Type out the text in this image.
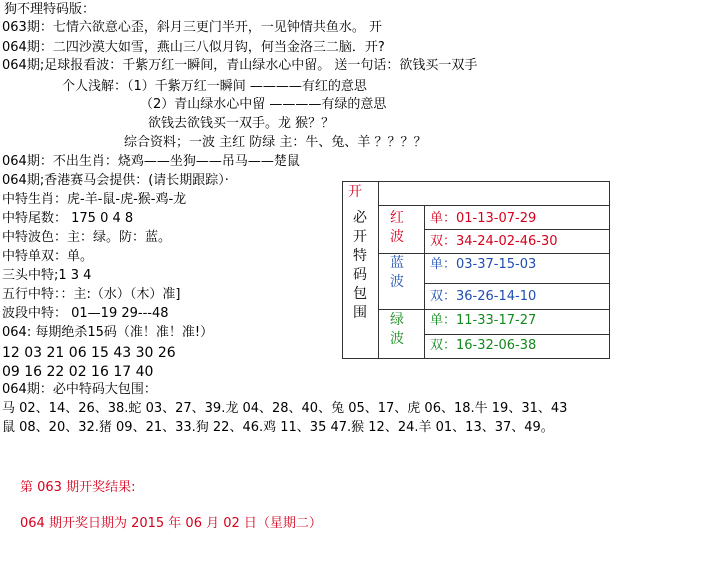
狗不理特码版：
063期：七情六欲意心歪，斜月三更门半开，一见钟情共鱼水。 开
064期：二四沙漠大如雪，燕山三八似月钩，何当金洛三二脑．开?
064期;足球报看波：千紫万红一瞬间，青山绿水心中留。 送一句话：欲钱买一双手
个人浅解：（1）千紫万红一瞬间 ————有红的意思
（2）青山绿水心中留 ————有绿的意思
欲钱去欲钱买一双手。龙 猴？？
综合资料；一波 主红 防绿 主：牛、兔、羊 ？？？？
064期：不出生肖：烧鸡——坐狗——吊马——楚鼠
064期;香港赛马会提供：(请长期跟踪）·
中特生肖：虎-羊-鼠-虎-猴-鸡-龙
中特尾数： 175 0 4 8
中特波色：主：绿。防：蓝。
中特单双：单。
三头中特;1 3 4
五行中特：：主:（水）（木）准]
波段中特： 01—19 29---48
064: 每期绝杀15码（准！准！准!）
12 03 21 06 15 43 30 26
09 16 22 02 16 17 40
064期：必中特码大包围：
马 02、14、26、38.蛇 03、27、39.龙 04、28、40、兔 05、17、虎 06、18.牛 19、31、43
鼠 08、20、32.猪 09、21、33.狗 22、46.鸡 11、35 47.猴 12、24.羊 01、13、37、49。
第 063 期开奖结果:
064 期开奖日期为 2015 年 06 月 02 日（星期二）
开
必
开
特
码
包
围
红
波
蓝
波
绿
波
单：01-13-07-29
双：34-24-02-46-30
单：03-37-15-03
双：36-26-14-10
单：11-33-17-27
双：16-32-06-38
